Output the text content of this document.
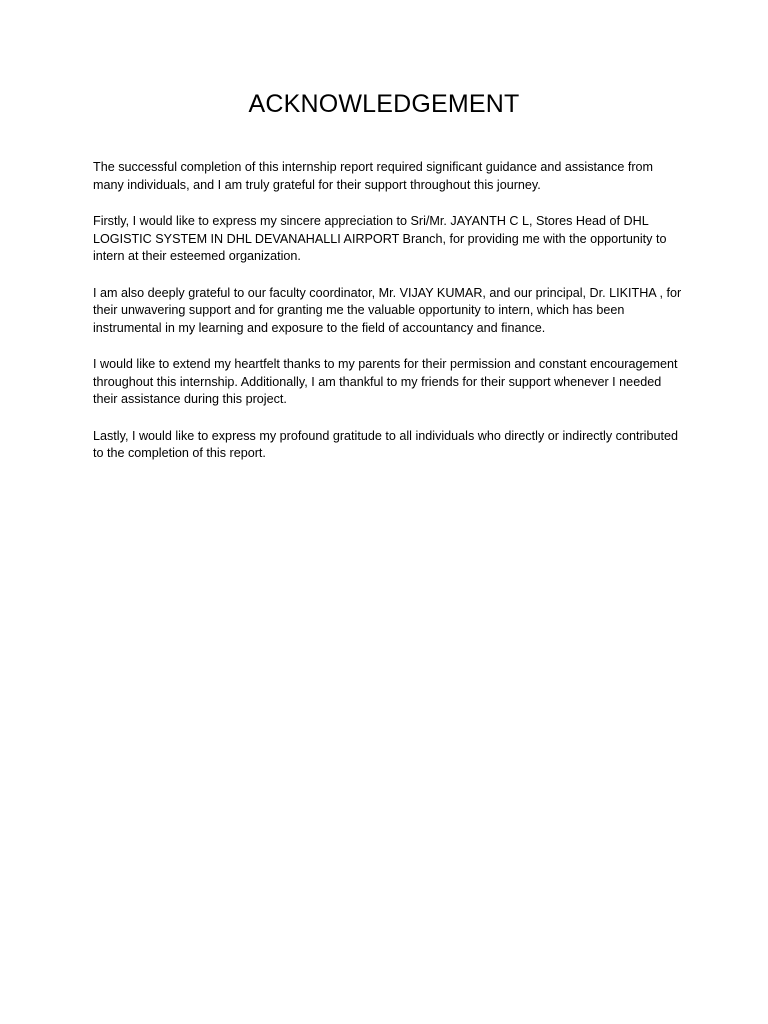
ACKNOWLEDGEMENT

The successful completion of this internship report required significant guidance and assistance from many individuals, and I am truly grateful for their support throughout this journey.

Firstly, I would like to express my sincere appreciation to Sri/Mr. JAYANTH C L, Stores Head of DHL LOGISTIC SYSTEM IN DHL DEVANAHALLI AIRPORT Branch, for providing me with the opportunity to intern at their esteemed organization.

I am also deeply grateful to our faculty coordinator, Mr. VIJAY KUMAR, and our principal, Dr. LIKITHA , for their unwavering support and for granting me the valuable opportunity to intern, which has been instrumental in my learning and exposure to the field of accountancy and finance.

I would like to extend my heartfelt thanks to my parents for their permission and constant encouragement throughout this internship. Additionally, I am thankful to my friends for their support whenever I needed their assistance during this project.

Lastly, I would like to express my profound gratitude to all individuals who directly or indirectly contributed to the completion of this report.
